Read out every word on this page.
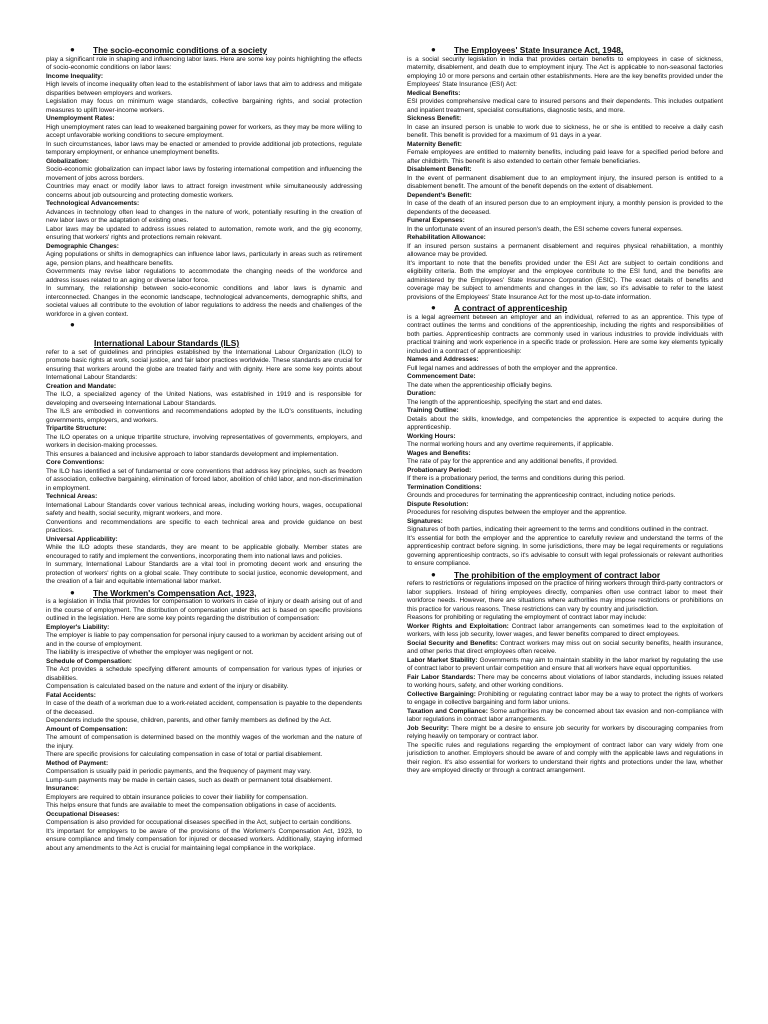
● The socio-economic conditions of a society

play a significant role in shaping and influencing labor laws. Here are some key points highlighting the effects of socio-economic conditions on labor laws:

Income Inequality:

High levels of income inequality often lead to the establishment of labor laws that aim to address and mitigate disparities between employers and workers.

Legislation may focus on minimum wage standards, collective bargaining rights, and social protection measures to uplift lower-income workers.

Unemployment Rates:

High unemployment rates can lead to weakened bargaining power for workers, as they may be more willing to accept unfavorable working conditions to secure employment.

In such circumstances, labor laws may be enacted or amended to provide additional job protections, regulate temporary employment, or enhance unemployment benefits.

Globalization:

Socio-economic globalization can impact labor laws by fostering international competition and influencing the movement of jobs across borders.

Countries may enact or modify labor laws to attract foreign investment while simultaneously addressing concerns about job outsourcing and protecting domestic workers.

Technological Advancements:

Advances in technology often lead to changes in the nature of work, potentially resulting in the creation of new labor laws or the adaptation of existing ones.

Labor laws may be updated to address issues related to automation, remote work, and the gig economy, ensuring that workers' rights and protections remain relevant.

Demographic Changes:

Aging populations or shifts in demographics can influence labor laws, particularly in areas such as retirement age, pension plans, and healthcare benefits.

Governments may revise labor regulations to accommodate the changing needs of the workforce and address issues related to an aging or diverse labor force.

In summary, the relationship between socio-economic conditions and labor laws is dynamic and interconnected. Changes in the economic landscape, technological advancements, demographic shifts, and societal values all contribute to the evolution of labor regulations to address the needs and challenges of the workforce in a given context.

●
International Labour Standards (ILS)

refer to a set of guidelines and principles established by the International Labour Organization (ILO) to promote basic rights at work, social justice, and fair labor practices worldwide. These standards are crucial for ensuring that workers around the globe are treated fairly and with dignity. Here are some key points about International Labour Standards:

Creation and Mandate:

The ILO, a specialized agency of the United Nations, was established in 1919 and is responsible for developing and overseeing International Labour Standards.

The ILS are embodied in conventions and recommendations adopted by the ILO's constituents, including governments, employers, and workers.

Tripartite Structure:

The ILO operates on a unique tripartite structure, involving representatives of governments, employers, and workers in decision-making processes.

This ensures a balanced and inclusive approach to labor standards development and implementation.

Core Conventions:

The ILO has identified a set of fundamental or core conventions that address key principles, such as freedom of association, collective bargaining, elimination of forced labor, abolition of child labor, and non-discrimination in employment.

Technical Areas:

International Labour Standards cover various technical areas, including working hours, wages, occupational safety and health, social security, migrant workers, and more.

Conventions and recommendations are specific to each technical area and provide guidance on best practices.

Universal Applicability:

While the ILO adopts these standards, they are meant to be applicable globally. Member states are encouraged to ratify and implement the conventions, incorporating them into national laws and policies.

In summary, International Labour Standards are a vital tool in promoting decent work and ensuring the protection of workers' rights on a global scale. They contribute to social justice, economic development, and the creation of a fair and equitable international labor market.

● The Workmen's Compensation Act, 1923,

is a legislation in India that provides for compensation to workers in case of injury or death arising out of and in the course of employment. The distribution of compensation under this act is based on specific provisions outlined in the legislation. Here are some key points regarding the distribution of compensation:

Employer's Liability:

The employer is liable to pay compensation for personal injury caused to a workman by accident arising out of and in the course of employment.

The liability is irrespective of whether the employer was negligent or not.

Schedule of Compensation:

The Act provides a schedule specifying different amounts of compensation for various types of injuries or disabilities.

Compensation is calculated based on the nature and extent of the injury or disability.

Fatal Accidents:

In case of the death of a workman due to a work-related accident, compensation is payable to the dependents of the deceased.

Dependents include the spouse, children, parents, and other family members as defined by the Act.

Amount of Compensation:

The amount of compensation is determined based on the monthly wages of the workman and the nature of the injury.

There are specific provisions for calculating compensation in case of total or partial disablement.

Method of Payment:

Compensation is usually paid in periodic payments, and the frequency of payment may vary.

Lump-sum payments may be made in certain cases, such as death or permanent total disablement.

Insurance:

Employers are required to obtain insurance policies to cover their liability for compensation.

This helps ensure that funds are available to meet the compensation obligations in case of accidents.

Occupational Diseases:

Compensation is also provided for occupational diseases specified in the Act, subject to certain conditions.

It's important for employers to be aware of the provisions of the Workmen's Compensation Act, 1923, to ensure compliance and timely compensation for injured or deceased workers. Additionally, staying informed about any amendments to the Act is crucial for maintaining legal compliance in the workplace.

● The Employees' State Insurance Act, 1948,

is a social security legislation in India that provides certain benefits to employees in case of sickness, maternity, disablement, and death due to employment injury. The Act is applicable to non-seasonal factories employing 10 or more persons and certain other establishments. Here are the key benefits provided under the Employees' State Insurance (ESI) Act:

Medical Benefits:

ESI provides comprehensive medical care to insured persons and their dependents. This includes outpatient and inpatient treatment, specialist consultations, diagnostic tests, and more.

Sickness Benefit:

In case an insured person is unable to work due to sickness, he or she is entitled to receive a daily cash benefit. This benefit is provided for a maximum of 91 days in a year.

Maternity Benefit:

Female employees are entitled to maternity benefits, including paid leave for a specified period before and after childbirth. This benefit is also extended to certain other female beneficiaries.

Disablement Benefit:

In the event of permanent disablement due to an employment injury, the insured person is entitled to a disablement benefit. The amount of the benefit depends on the extent of disablement.

Dependent's Benefit:

In case of the death of an insured person due to an employment injury, a monthly pension is provided to the dependents of the deceased.

Funeral Expenses:

In the unfortunate event of an insured person's death, the ESI scheme covers funeral expenses.

Rehabilitation Allowance:

If an insured person sustains a permanent disablement and requires physical rehabilitation, a monthly allowance may be provided.

It's important to note that the benefits provided under the ESI Act are subject to certain conditions and eligibility criteria. Both the employer and the employee contribute to the ESI fund, and the benefits are administered by the Employees' State Insurance Corporation (ESIC). The exact details of benefits and coverage may be subject to amendments and changes in the law, so it's advisable to refer to the latest provisions of the Employees' State Insurance Act for the most up-to-date information.

● A contract of apprenticeship

is a legal agreement between an employer and an individual, referred to as an apprentice. This type of contract outlines the terms and conditions of the apprenticeship, including the rights and responsibilities of both parties. Apprenticeship contracts are commonly used in various industries to provide individuals with practical training and work experience in a specific trade or profession. Here are some key elements typically included in a contract of apprenticeship:

Names and Addresses:

Full legal names and addresses of both the employer and the apprentice.

Commencement Date:

The date when the apprenticeship officially begins.

Duration:

The length of the apprenticeship, specifying the start and end dates.

Training Outline:

Details about the skills, knowledge, and competencies the apprentice is expected to acquire during the apprenticeship.

Working Hours:

The normal working hours and any overtime requirements, if applicable.

Wages and Benefits:

The rate of pay for the apprentice and any additional benefits, if provided.

Probationary Period:

If there is a probationary period, the terms and conditions during this period.

Termination Conditions:

Grounds and procedures for terminating the apprenticeship contract, including notice periods.

Dispute Resolution:

Procedures for resolving disputes between the employer and the apprentice.

Signatures:

Signatures of both parties, indicating their agreement to the terms and conditions outlined in the contract.

It's essential for both the employer and the apprentice to carefully review and understand the terms of the apprenticeship contract before signing. In some jurisdictions, there may be legal requirements or regulations governing apprenticeship contracts, so it's advisable to consult with legal professionals or relevant authorities to ensure compliance.

● The prohibition of the employment of contract labor

refers to restrictions or regulations imposed on the practice of hiring workers through third-party contractors or labor suppliers. Instead of hiring employees directly, companies often use contract labor to meet their workforce needs. However, there are situations where authorities may impose restrictions or prohibitions on this practice for various reasons. These restrictions can vary by country and jurisdiction.

Reasons for prohibiting or regulating the employment of contract labor may include:

Worker Rights and Exploitation: Contract labor arrangements can sometimes lead to the exploitation of workers, with less job security, lower wages, and fewer benefits compared to direct employees.

Social Security and Benefits: Contract workers may miss out on social security benefits, health insurance, and other perks that direct employees often receive.

Labor Market Stability: Governments may aim to maintain stability in the labor market by regulating the use of contract labor to prevent unfair competition and ensure that all workers have equal opportunities.

Fair Labor Standards: There may be concerns about violations of labor standards, including issues related to working hours, safety, and other working conditions.

Collective Bargaining: Prohibiting or regulating contract labor may be a way to protect the rights of workers to engage in collective bargaining and form labor unions.

Taxation and Compliance: Some authorities may be concerned about tax evasion and non-compliance with labor regulations in contract labor arrangements.

Job Security: There might be a desire to ensure job security for workers by discouraging companies from relying heavily on temporary or contract labor.

The specific rules and regulations regarding the employment of contract labor can vary widely from one jurisdiction to another. Employers should be aware of and comply with the applicable laws and regulations in their region. It's also essential for workers to understand their rights and protections under the law, whether they are employed directly or through a contract arrangement.
